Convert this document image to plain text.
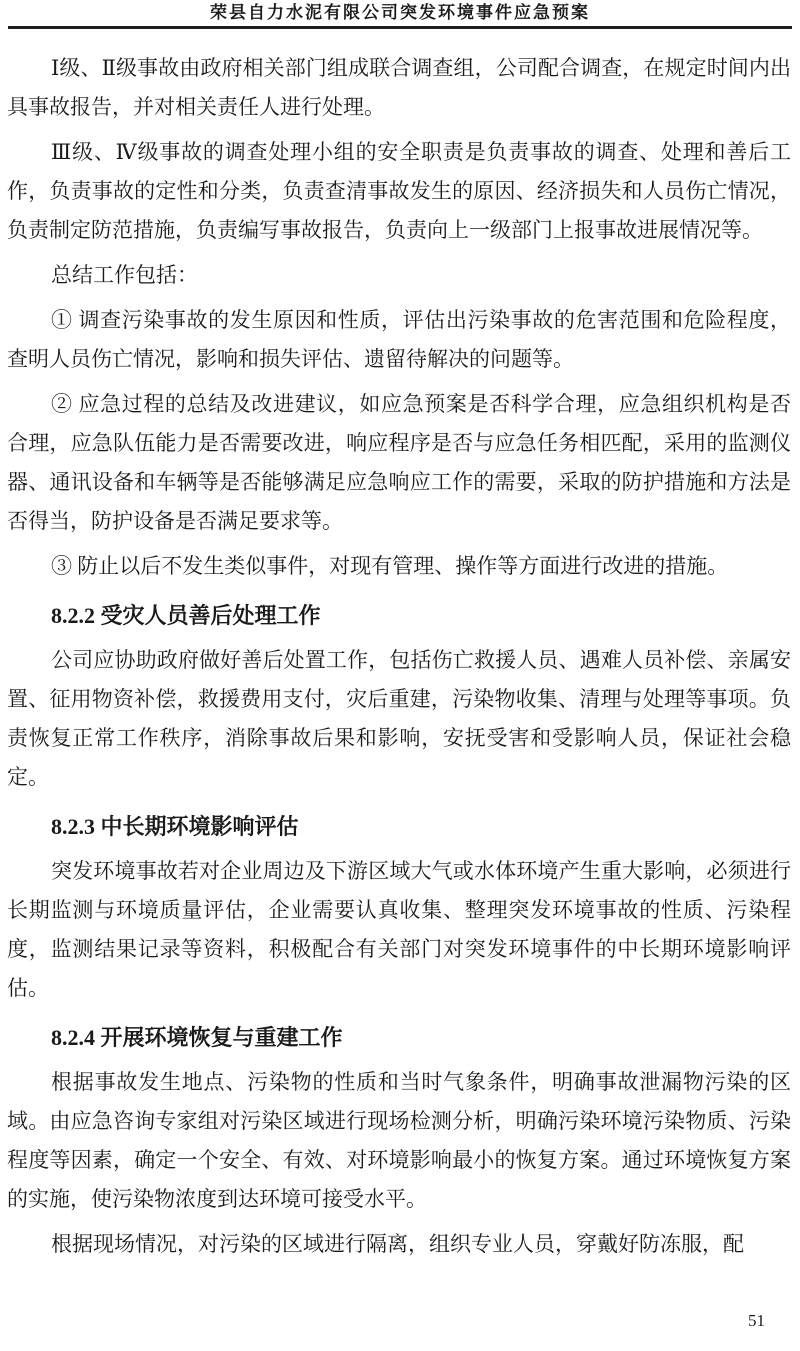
荣县自力水泥有限公司突发环境事件应急预案

Ⅰ级、Ⅱ级事故由政府相关部门组成联合调查组，公司配合调查，在规定时间内出具事故报告，并对相关责任人进行处理。

Ⅲ级、Ⅳ级事故的调查处理小组的安全职责是负责事故的调查、处理和善后工作，负责事故的定性和分类，负责查清事故发生的原因、经济损失和人员伤亡情况，负责制定防范措施，负责编写事故报告，负责向上一级部门上报事故进展情况等。

总结工作包括：

① 调查污染事故的发生原因和性质，评估出污染事故的危害范围和危险程度，查明人员伤亡情况，影响和损失评估、遗留待解决的问题等。

② 应急过程的总结及改进建议，如应急预案是否科学合理，应急组织机构是否合理，应急队伍能力是否需要改进，响应程序是否与应急任务相匹配，采用的监测仪器、通讯设备和车辆等是否能够满足应急响应工作的需要，采取的防护措施和方法是否得当，防护设备是否满足要求等。

③ 防止以后不发生类似事件，对现有管理、操作等方面进行改进的措施。

8.2.2 受灾人员善后处理工作

公司应协助政府做好善后处置工作，包括伤亡救援人员、遇难人员补偿、亲属安置、征用物资补偿，救援费用支付，灾后重建，污染物收集、清理与处理等事项。负责恢复正常工作秩序，消除事故后果和影响，安抚受害和受影响人员，保证社会稳定。

8.2.3 中长期环境影响评估

突发环境事故若对企业周边及下游区域大气或水体环境产生重大影响，必须进行长期监测与环境质量评估，企业需要认真收集、整理突发环境事故的性质、污染程度，监测结果记录等资料，积极配合有关部门对突发环境事件的中长期环境影响评估。

8.2.4 开展环境恢复与重建工作

根据事故发生地点、污染物的性质和当时气象条件，明确事故泄漏物污染的区域。由应急咨询专家组对污染区域进行现场检测分析，明确污染环境污染物质、污染程度等因素，确定一个安全、有效、对环境影响最小的恢复方案。通过环境恢复方案的实施，使污染物浓度到达环境可接受水平。

根据现场情况，对污染的区域进行隔离，组织专业人员，穿戴好防冻服，配

51
